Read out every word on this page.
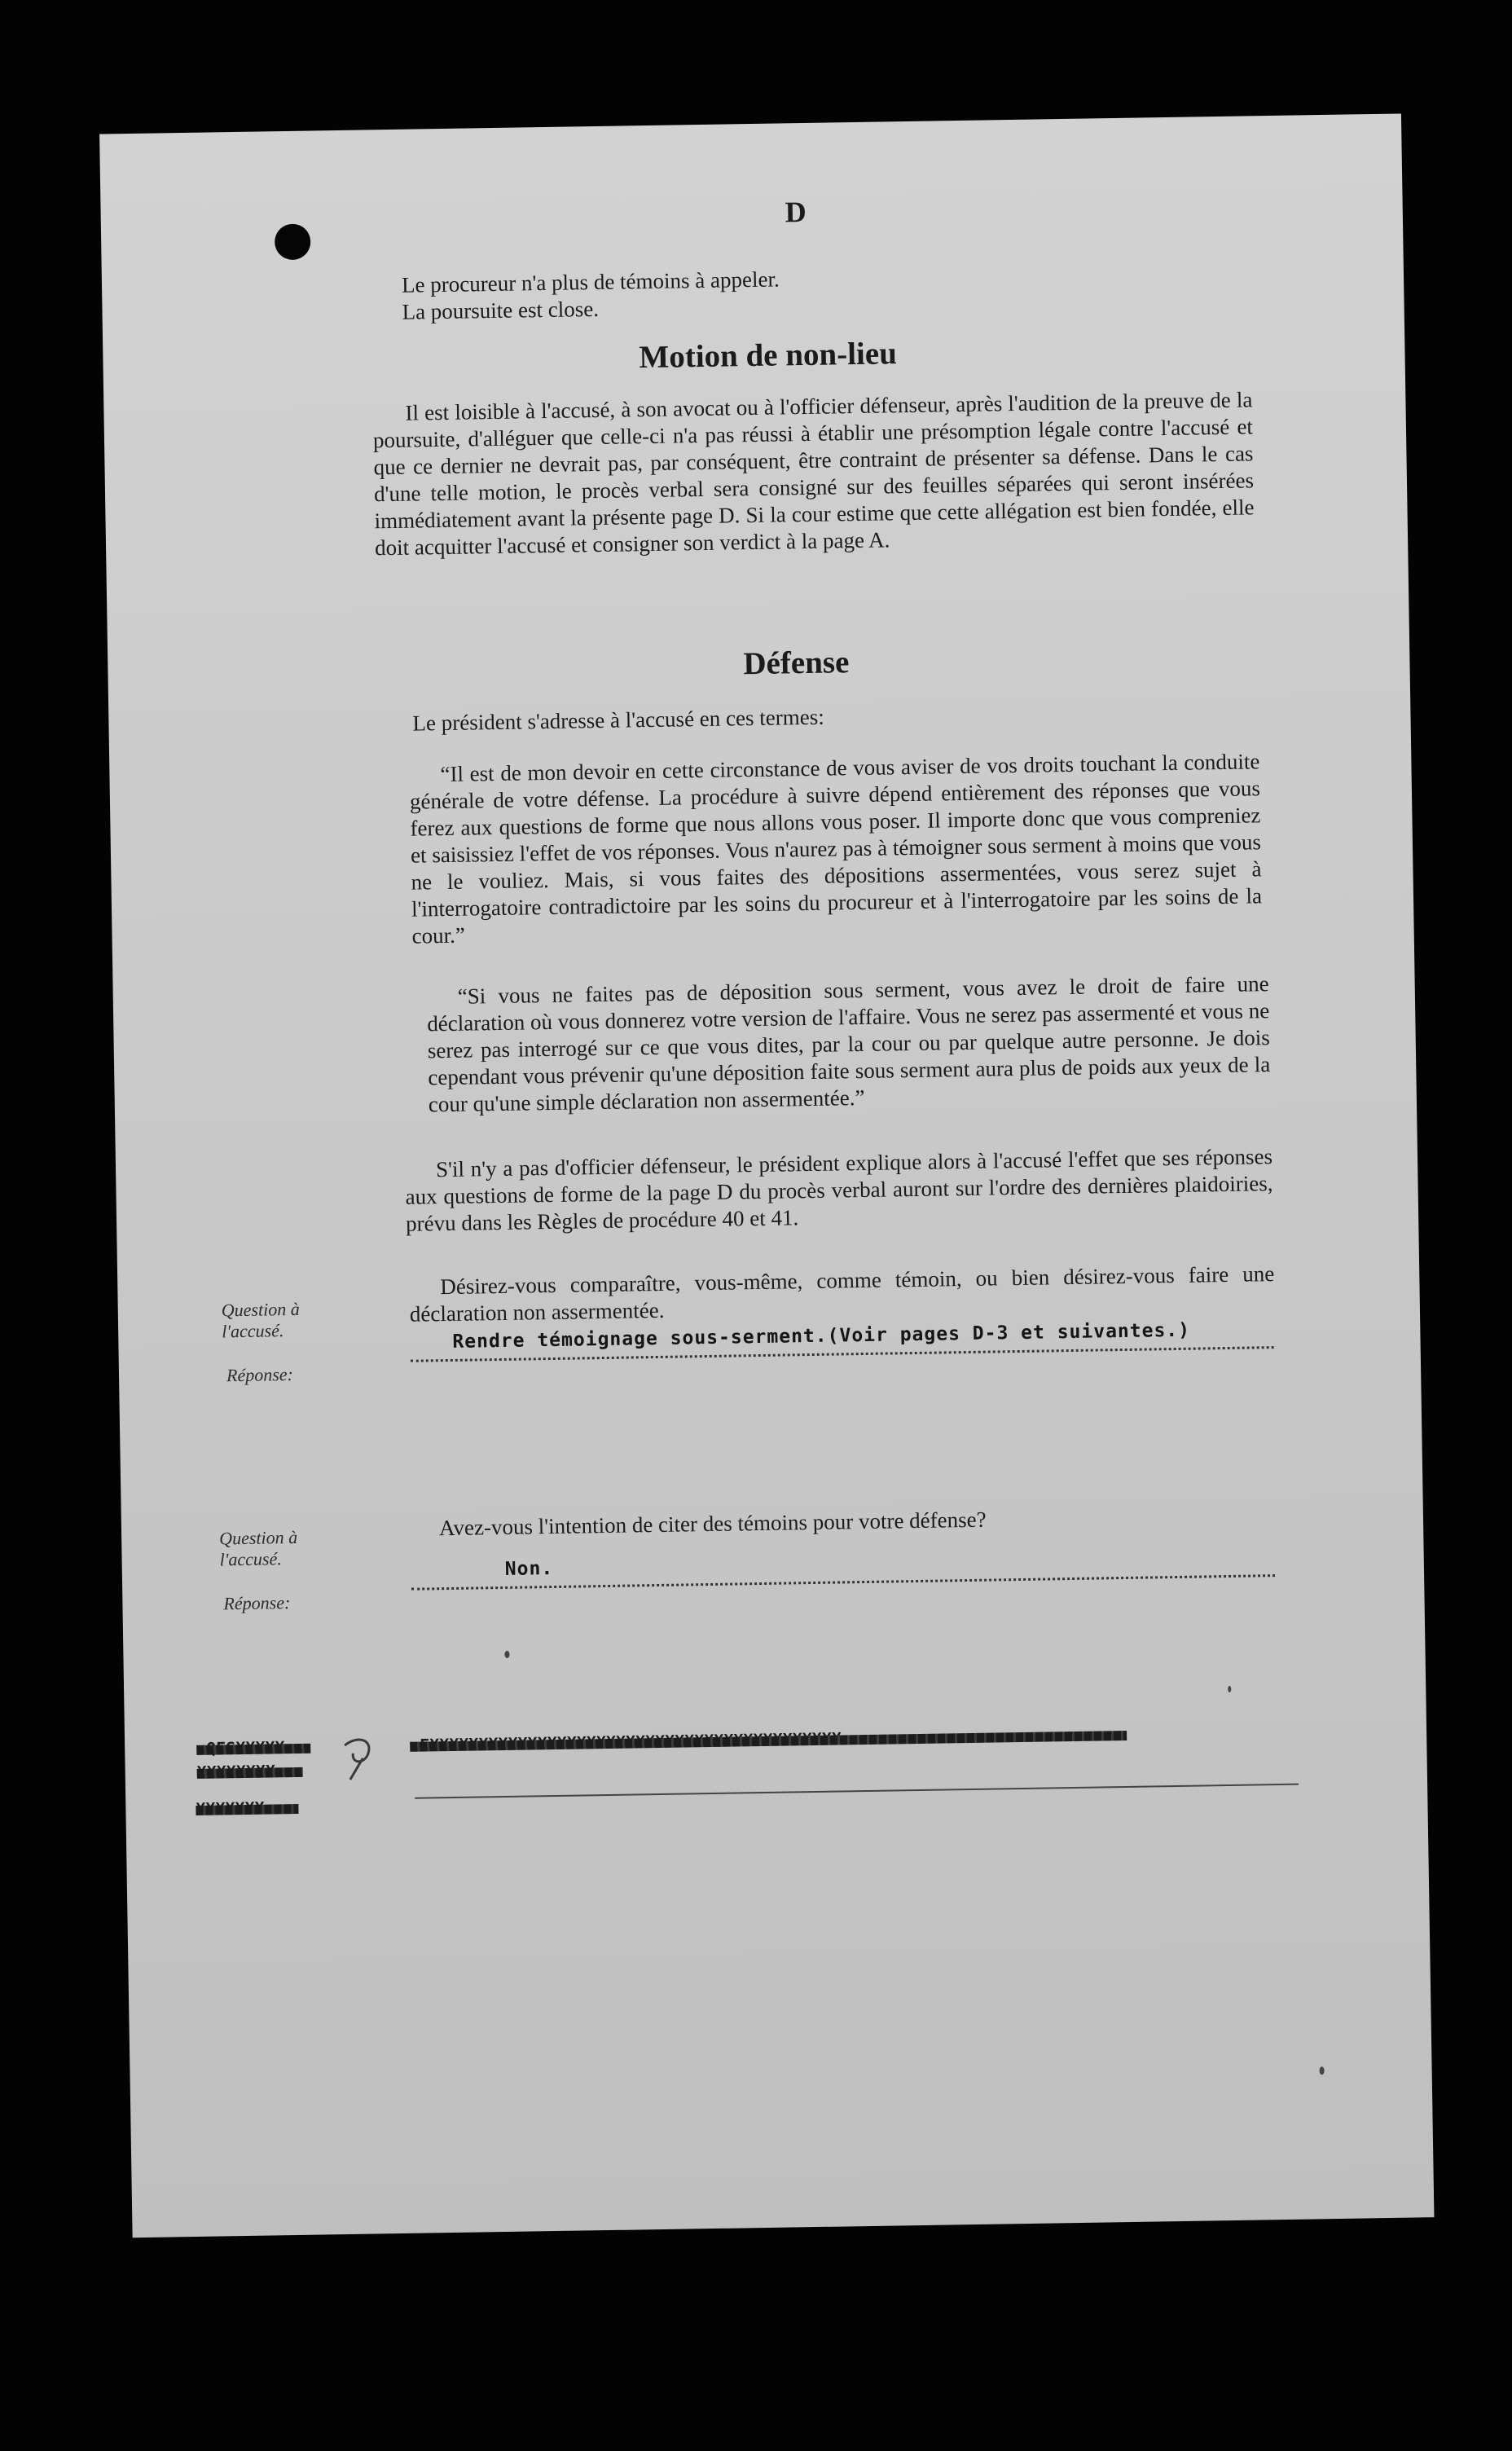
D
Le procureur n'a plus de témoins à appeler.
La poursuite est close.
Motion de non-lieu
Il est loisible à l'accusé, à son avocat ou à l'officier défenseur, après l'audition de la preuve de la poursuite, d'alléguer que celle-ci n'a pas réussi à établir une présomption légale contre l'accusé et que ce dernier ne devrait pas, par conséquent, être contraint de présenter sa défense. Dans le cas d'une telle motion, le procès verbal sera consigné sur des feuilles séparées qui seront insérées immédiatement avant la présente page D. Si la cour estime que cette allégation est bien fondée, elle doit acquitter l'accusé et consigner son verdict à la page A.
Défense
Le président s'adresse à l'accusé en ces termes:
“Il est de mon devoir en cette circonstance de vous aviser de vos droits touchant la conduite générale de votre défense. La procédure à suivre dépend entièrement des réponses que vous ferez aux questions de forme que nous allons vous poser. Il importe donc que vous compreniez et saisissiez l'effet de vos réponses. Vous n'aurez pas à témoigner sous serment à moins que vous ne le vouliez. Mais, si vous faites des dépositions assermentées, vous serez sujet à l'interrogatoire contradictoire par les soins du procureur et à l'interrogatoire par les soins de la cour.”
“Si vous ne faites pas de déposition sous serment, vous avez le droit de faire une déclaration où vous donnerez votre version de l'affaire. Vous ne serez pas assermenté et vous ne serez pas interrogé sur ce que vous dites, par la cour ou par quelque autre personne. Je dois cependant vous prévenir qu'une déposition faite sous serment aura plus de poids aux yeux de la cour qu'une simple déclaration non assermentée.”
S'il n'y a pas d'officier défenseur, le président explique alors à l'accusé l'effet que ses réponses aux questions de forme de la page D du procès verbal auront sur l'ordre des dernières plaidoiries, prévu dans les Règles de procédure 40 et 41.
Question à
l'accusé.
Désirez-vous comparaître, vous-même, comme témoin, ou bien désirez-vous faire une déclaration non assermentée.
Réponse:
Rendre témoignage sous-serment.(Voir pages D-3 et suivantes.)
Question à
l'accusé.
Avez-vous l'intention de citer des témoins pour votre défense?
Réponse:
Non.
